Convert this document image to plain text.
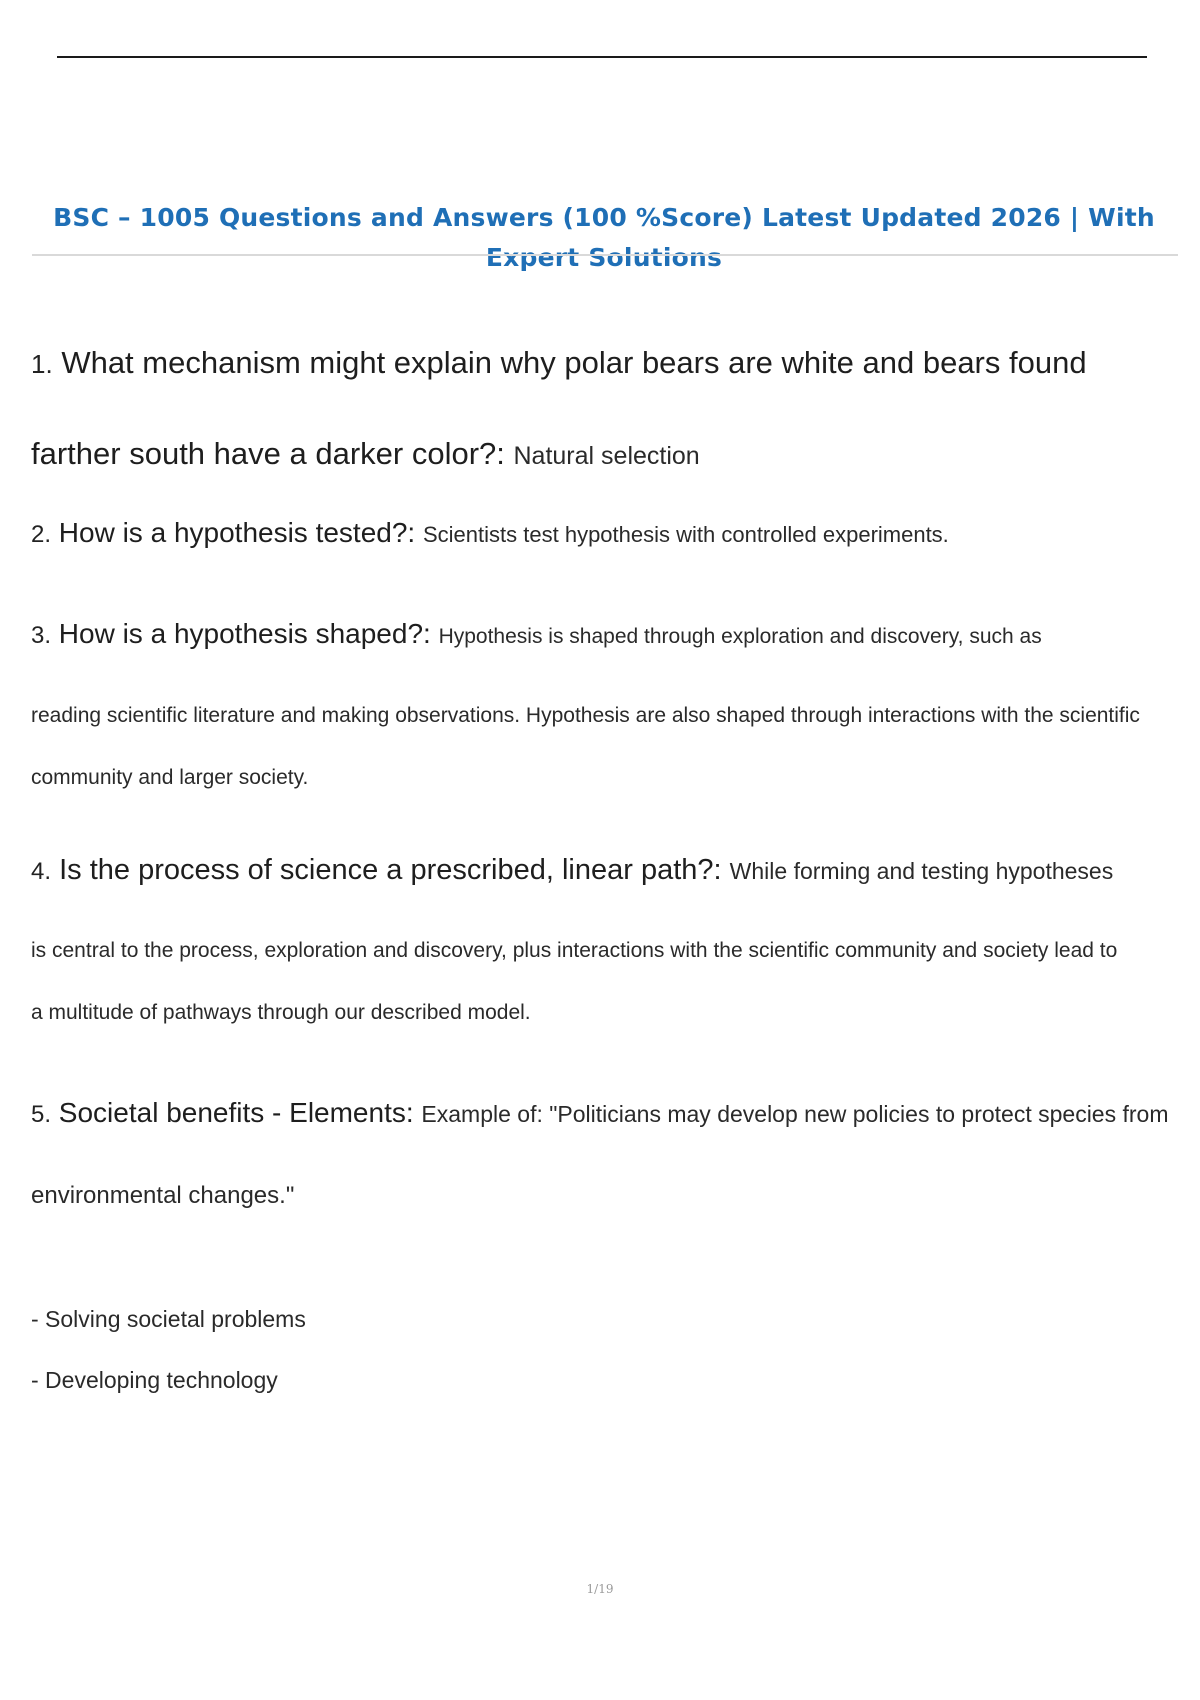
BSC – 1005 Questions and Answers (100 %Score) Latest Updated 2026 | With Expert Solutions
1. What mechanism might explain why polar bears are white and bears found farther south have a darker color?: Natural selection
2. How is a hypothesis tested?: Scientists test hypothesis with controlled experiments.
3. How is a hypothesis shaped?: Hypothesis is shaped through exploration and discovery, such as
reading scientific literature and making observations. Hypothesis are also shaped through interactions with the scientific
community and larger society.
4. Is the process of science a prescribed, linear path?: While forming and testing hypotheses
is central to the process, exploration and discovery, plus interactions with the scientific community and society lead to
a multitude of pathways through our described model.
5. Societal benefits - Elements: Example of: "Politicians may develop new policies to protect species from
environmental changes."
- Solving societal problems
- Developing technology
1/19
